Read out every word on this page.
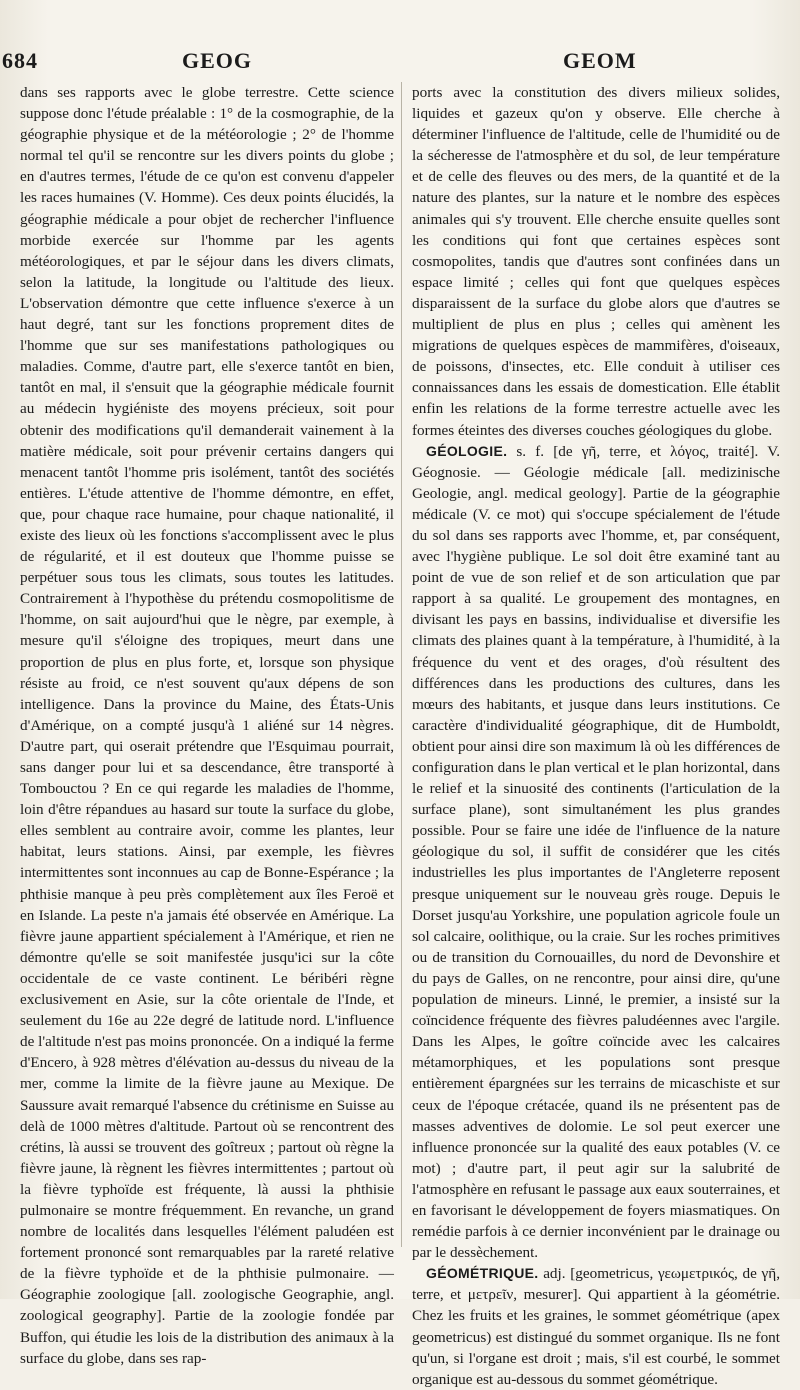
684	GEOG	GEOM

dans ses rapports avec le globe terrestre. Cette science suppose donc l'étude préalable : 1° de la cosmographie, de la géographie physique et de la météorologie ; 2° de l'homme normal tel qu'il se rencontre sur les divers points du globe ; en d'autres termes, l'étude de ce qu'on est convenu d'appeler les races humaines (V. Homme). Ces deux points élucidés, la géographie médicale a pour objet de rechercher l'influence morbide exercée sur l'homme par les agents météorologiques, et par le séjour dans les divers climats, selon la latitude, la longitude ou l'altitude des lieux. L'observation démontre que cette influence s'exerce à un haut degré, tant sur les fonctions proprement dites de l'homme que sur ses manifestations pathologiques ou maladies. Comme, d'autre part, elle s'exerce tantôt en bien, tantôt en mal, il s'ensuit que la géographie médicale fournit au médecin hygiéniste des moyens précieux, soit pour obtenir des modifications qu'il demanderait vainement à la matière médicale, soit pour prévenir certains dangers qui menacent tantôt l'homme pris isolément, tantôt des sociétés entières. L'étude attentive de l'homme démontre, en effet, que, pour chaque race humaine, pour chaque nationalité, il existe des lieux où les fonctions s'accomplissent avec le plus de régularité, et il est douteux que l'homme puisse se perpétuer sous tous les climats, sous toutes les latitudes. Contrairement à l'hypothèse du prétendu cosmopolitisme de l'homme, on sait aujourd'hui que le nègre, par exemple, à mesure qu'il s'éloigne des tropiques, meurt dans une proportion de plus en plus forte, et, lorsque son physique résiste au froid, ce n'est souvent qu'aux dépens de son intelligence. Dans la province du Maine, des États-Unis d'Amérique, on a compté jusqu'à 1 aliéné sur 14 nègres. D'autre part, qui oserait prétendre que l'Esquimau pourrait, sans danger pour lui et sa descendance, être transporté à Tombouctou ? En ce qui regarde les maladies de l'homme, loin d'être répandues au hasard sur toute la surface du globe, elles semblent au contraire avoir, comme les plantes, leur habitat, leurs stations. Ainsi, par exemple, les fièvres intermittentes sont inconnues au cap de Bonne-Espérance ; la phthisie manque à peu près complètement aux îles Feroë et en Islande. La peste n'a jamais été observée en Amérique. La fièvre jaune appartient spécialement à l'Amérique, et rien ne démontre qu'elle se soit manifestée jusqu'ici sur la côte occidentale de ce vaste continent. Le béribéri règne exclusivement en Asie, sur la côte orientale de l'Inde, et seulement du 16e au 22e degré de latitude nord. L'influence de l'altitude n'est pas moins prononcée. On a indiqué la ferme d'Encero, à 928 mètres d'élévation au-dessus du niveau de la mer, comme la limite de la fièvre jaune au Mexique. De Saussure avait remarqué l'absence du crétinisme en Suisse au delà de 1000 mètres d'altitude. Partout où se rencontrent des crétins, là aussi se trouvent des goîtreux ; partout où règne la fièvre jaune, là règnent les fièvres intermittentes ; partout où la fièvre typhoïde est fréquente, là aussi la phthisie pulmonaire se montre fréquemment. En revanche, un grand nombre de localités dans lesquelles l'élément paludéen est fortement prononcé sont remarquables par la rareté relative de la fièvre typhoïde et de la phthisie pulmonaire. — Géographie zoologique [all. zoologische Geographie, angl. zoological geography]. Partie de la zoologie fondée par Buffon, qui étudie les lois de la distribution des animaux à la surface du globe, dans ses rap-

ports avec la constitution des divers milieux solides, liquides et gazeux qu'on y observe. Elle cherche à déterminer l'influence de l'altitude, celle de l'humidité ou de la sécheresse de l'atmosphère et du sol, de leur température et de celle des fleuves ou des mers, de la quantité et de la nature des plantes, sur la nature et le nombre des espèces animales qui s'y trouvent. Elle cherche ensuite quelles sont les conditions qui font que certaines espèces sont cosmopolites, tandis que d'autres sont confinées dans un espace limité ; celles qui font que quelques espèces disparaissent de la surface du globe alors que d'autres se multiplient de plus en plus ; celles qui amènent les migrations de quelques espèces de mammifères, d'oiseaux, de poissons, d'insectes, etc. Elle conduit à utiliser ces connaissances dans les essais de domestication. Elle établit enfin les relations de la forme terrestre actuelle avec les formes éteintes des diverses couches géologiques du globe.

GÉOLOGIE. s. f. [de γῆ, terre, et λόγος, traité]. V. Géognosie. — Géologie médicale [all. medizinische Geologie, angl. medical geology]. Partie de la géographie médicale (V. ce mot) qui s'occupe spécialement de l'étude du sol dans ses rapports avec l'homme, et, par conséquent, avec l'hygiène publique. Le sol doit être examiné tant au point de vue de son relief et de son articulation que par rapport à sa qualité. Le groupement des montagnes, en divisant les pays en bassins, individualise et diversifie les climats des plaines quant à la température, à l'humidité, à la fréquence du vent et des orages, d'où résultent des différences dans les productions des cultures, dans les mœurs des habitants, et jusque dans leurs institutions. Ce caractère d'individualité géographique, dit de Humboldt, obtient pour ainsi dire son maximum là où les différences de configuration dans le plan vertical et le plan horizontal, dans le relief et la sinuosité des continents (l'articulation de la surface plane), sont simultanément les plus grandes possible. Pour se faire une idée de l'influence de la nature géologique du sol, il suffit de considérer que les cités industrielles les plus importantes de l'Angleterre reposent presque uniquement sur le nouveau grès rouge. Depuis le Dorset jusqu'au Yorkshire, une population agricole foule un sol calcaire, oolithique, ou la craie. Sur les roches primitives ou de transition du Cornouailles, du nord de Devonshire et du pays de Galles, on ne rencontre, pour ainsi dire, qu'une population de mineurs. Linné, le premier, a insisté sur la coïncidence fréquente des fièvres paludéennes avec l'argile. Dans les Alpes, le goître coïncide avec les calcaires métamorphiques, et les populations sont presque entièrement épargnées sur les terrains de micaschiste et sur ceux de l'époque crétacée, quand ils ne présentent pas de masses adventives de dolomie. Le sol peut exercer une influence prononcée sur la qualité des eaux potables (V. ce mot) ; d'autre part, il peut agir sur la salubrité de l'atmosphère en refusant le passage aux eaux souterraines, et en favorisant le développement de foyers miasmatiques. On remédie parfois à ce dernier inconvénient par le drainage ou par le dessèchement.

GÉOMÉTRIQUE. adj. [geometricus, γεωμετρικός, de γῆ, terre, et μετρεῖν, mesurer]. Qui appartient à la géométrie. Chez les fruits et les graines, le sommet géométrique (apex geometricus) est distingué du sommet organique. Ils ne font qu'un, si l'organe est droit ; mais, s'il est courbé, le sommet organique est au-dessous du sommet géométrique.
